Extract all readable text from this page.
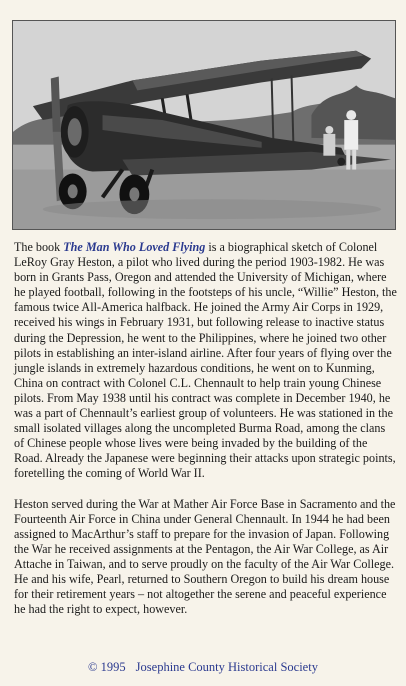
The book The Man Who Loved Flying is a biographical sketch of Colonel LeRoy Gray Heston, a pilot who lived during the period 1903-1982. He was born in Grants Pass, Oregon and attended the University of Michigan, where he played football, following in the footsteps of his uncle, “Willie” Heston, the famous twice All-America halfback. He joined the Army Air Corps in 1929, received his wings in February 1931, but following release to inactive status during the Depression, he went to the Philippines, where he joined two other pilots in establishing an inter-island airline. After four years of flying over the jungle islands in extremely hazardous conditions, he went on to Kunming, China on contract with Colonel C.L. Chennault to help train young Chinese pilots. From May 1938 until his contract was complete in December 1940, he was a part of Chennault’s earliest group of volunteers. He was stationed in the small isolated villages along the uncompleted Burma Road, among the clans of Chinese people whose lives were being invaded by the building of the Road. Already the Japanese were beginning their attacks upon strategic points, foretelling the coming of World War II.

Heston served during the War at Mather Air Force Base in Sacramento and the Fourteenth Air Force in China under General Chennault. In 1944 he had been assigned to MacArthur’s staff to prepare for the invasion of Japan. Following the War he received assignments at the Pentagon, the Air War College, as Air Attache in Taiwan, and to serve proudly on the faculty of the Air War College. He and his wife, Pearl, returned to Southern Oregon to build his dream house for their retirement years – not altogether the serene and peaceful experience he had the right to expect, however.

© 1995 Josephine County Historical Society
